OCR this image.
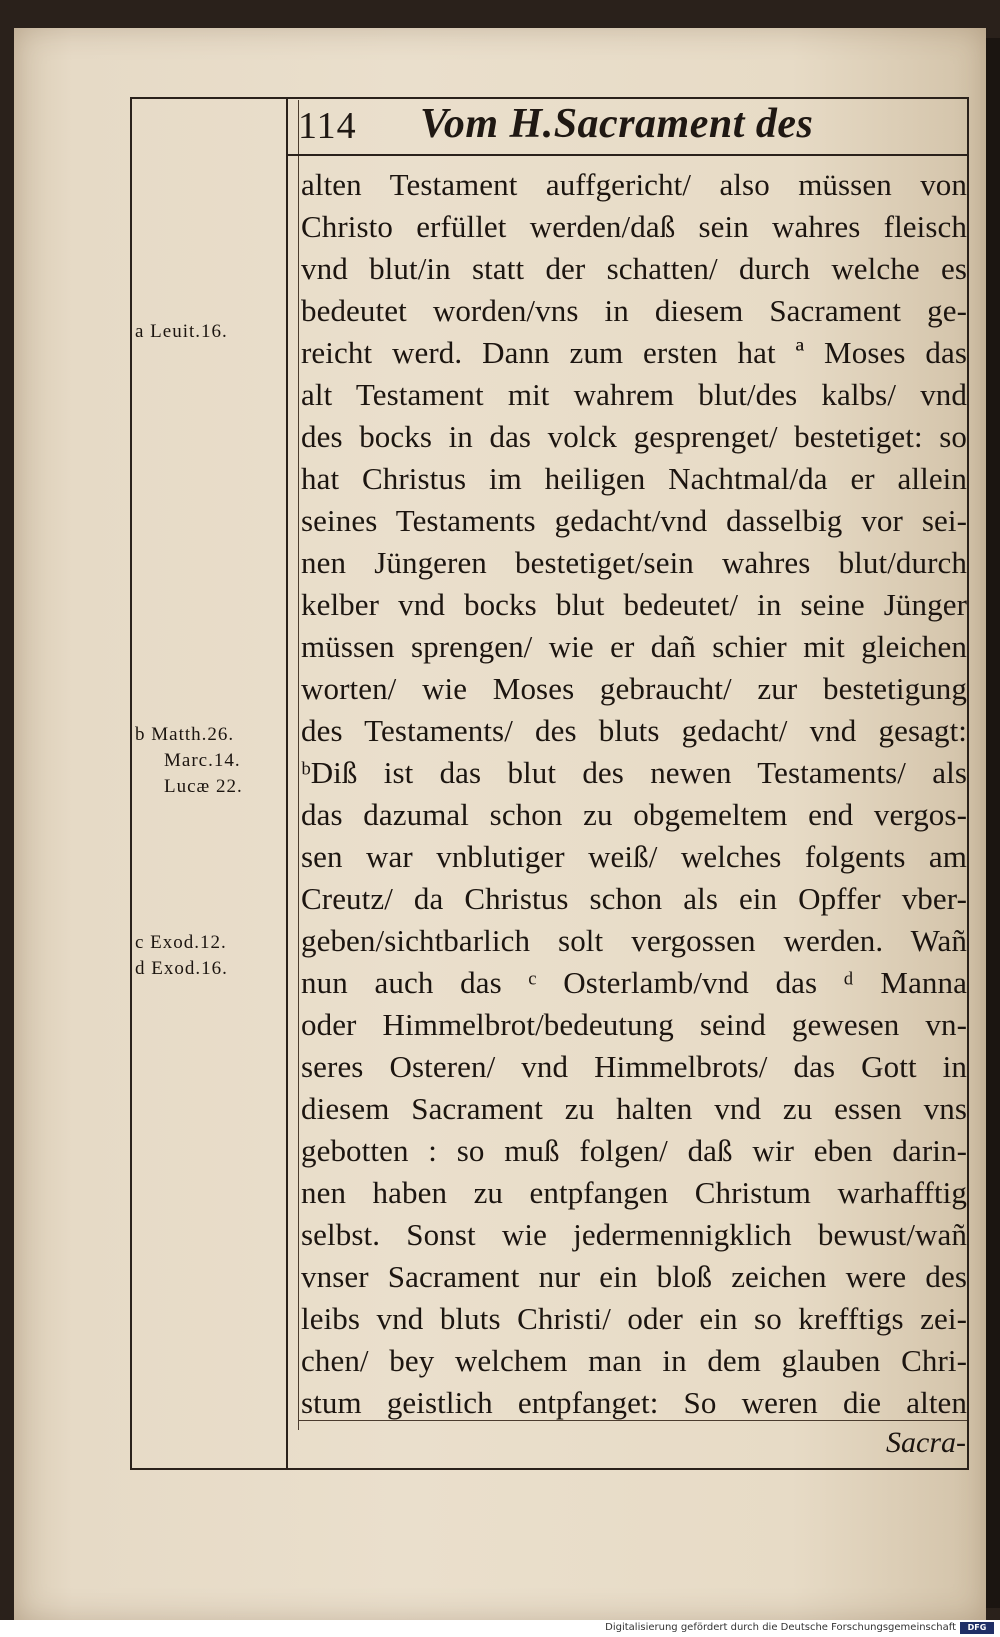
114 Vom H.Sacrament des
a Leuit.16.
b Matth.26.
Marc.14.
Lucæ 22.
c Exod.12.
d Exod.16.
alten Testament auffgericht/ also müssen von
Christo erfüllet werden/daß sein wahres fleisch
vnd blut/in statt der schatten/ durch welche es
bedeutet worden/vns in diesem Sacrament ge-
reicht werd. Dann zum ersten hat ª Moses das
alt Testament mit wahrem blut/des kalbs/ vnd
des bocks in das volck gesprenget/ bestetiget: so
hat Christus im heiligen Nachtmal/da er allein
seines Testaments gedacht/vnd dasselbig vor sei-
nen Jüngeren bestetiget/sein wahres blut/durch
kelber vnd bocks blut bedeutet/ in seine Jünger
müssen sprengen/ wie er dañ schier mit gleichen
worten/ wie Moses gebraucht/ zur bestetigung
des Testaments/ des bluts gedacht/ vnd gesagt:
ᵇDiß ist das blut des newen Testaments/ als
das dazumal schon zu obgemeltem end vergos-
sen war vnblutiger weiß/ welches folgents am
Creutz/ da Christus schon als ein Opffer vber-
geben/sichtbarlich solt vergossen werden. Wañ
nun auch das ᶜ Osterlamb/vnd das ᵈ Manna
oder Himmelbrot/bedeutung seind gewesen vn-
seres Osteren/ vnd Himmelbrots/ das Gott in
diesem Sacrament zu halten vnd zu essen vns
gebotten : so muß folgen/ daß wir eben darin-
nen haben zu entpfangen Christum warhafftig
selbst. Sonst wie jedermennigklich bewust/wañ
vnser Sacrament nur ein bloß zeichen were des
leibs vnd bluts Christi/ oder ein so krefftigs zei-
chen/ bey welchem man in dem glauben Chri-
stum geistlich entpfanget: So weren die alten
Sacra-
Digitalisierung gefördert durch die Deutsche Forschungsgemeinschaft	DFG
